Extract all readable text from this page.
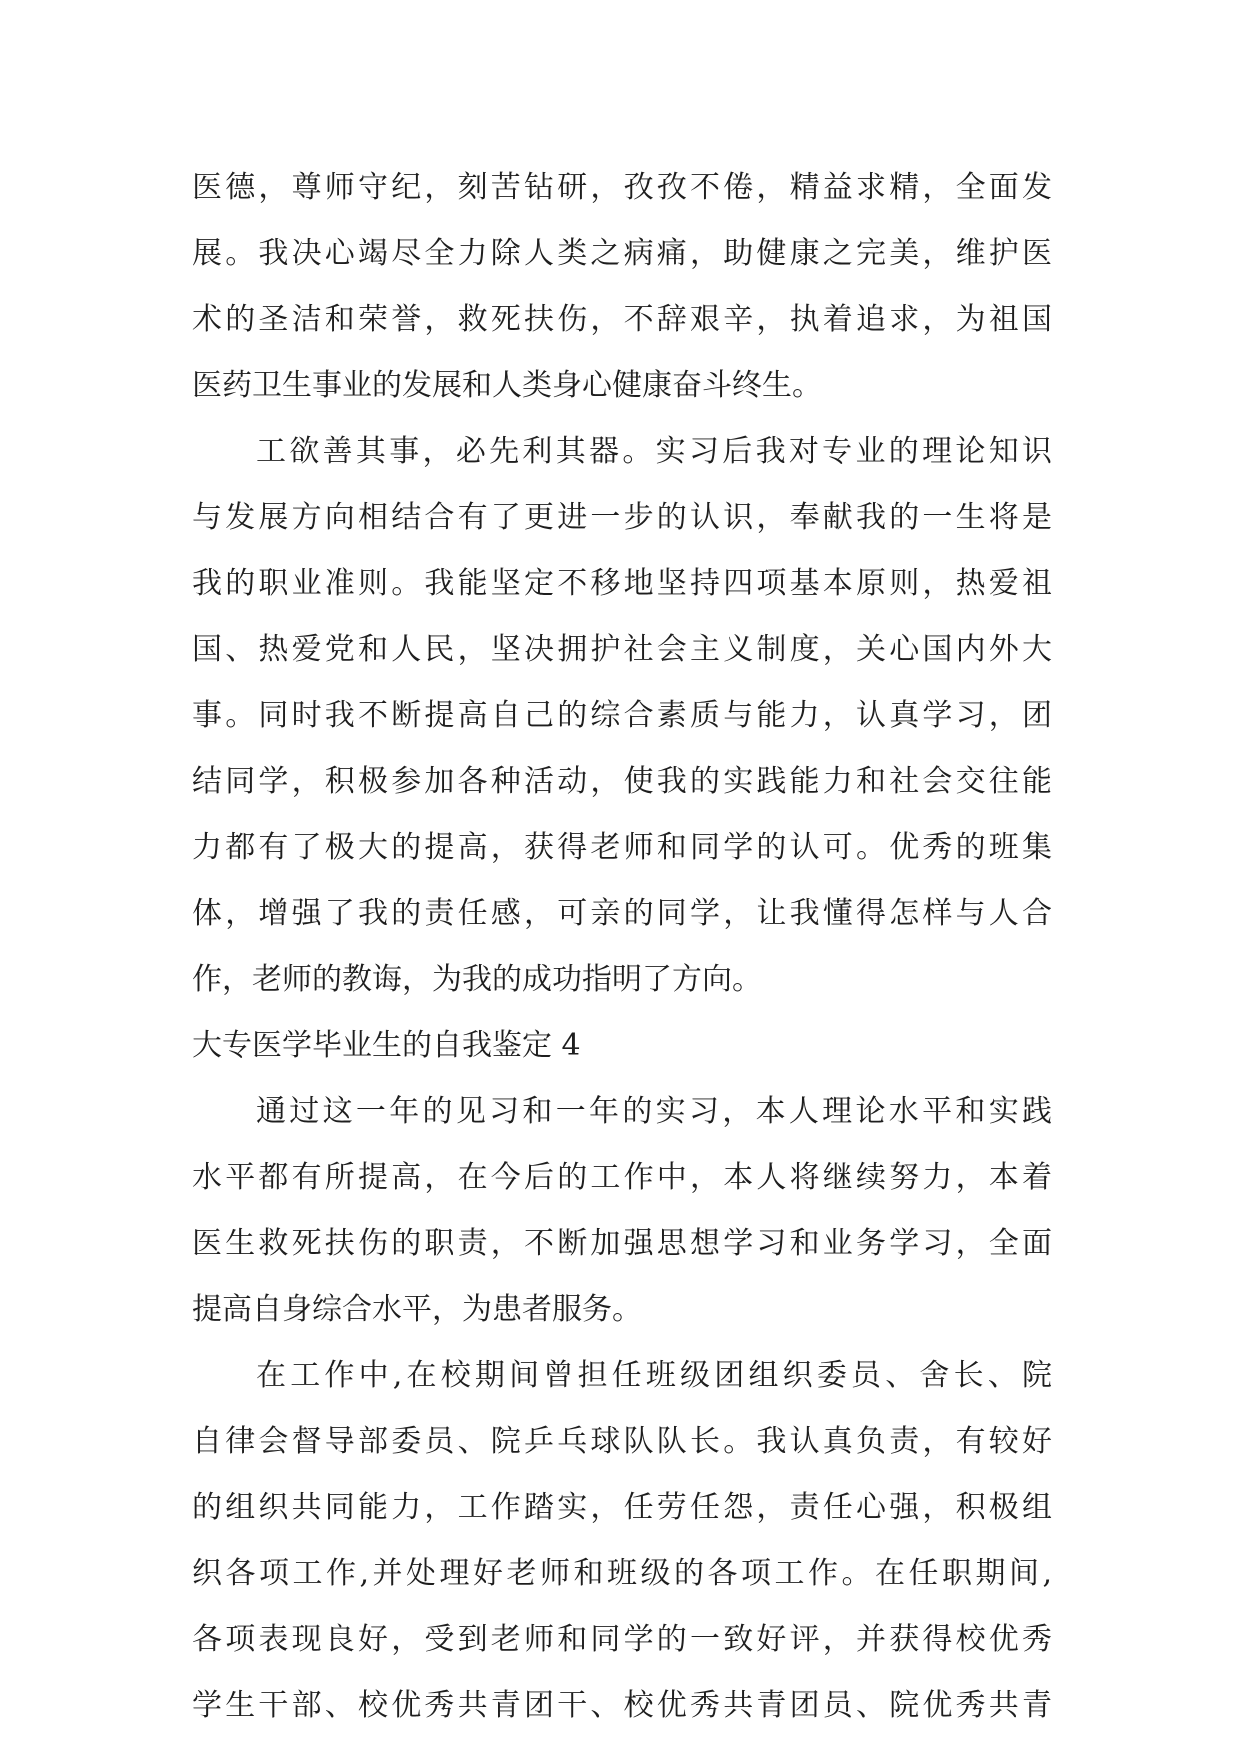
医德，尊师守纪，刻苦钻研，孜孜不倦，精益求精，全面发
展。我决心竭尽全力除人类之病痛，助健康之完美，维护医
术的圣洁和荣誉，救死扶伤，不辞艰辛，执着追求，为祖国
医药卫生事业的发展和人类身心健康奋斗终生。
工欲善其事，必先利其器。实习后我对专业的理论知识
与发展方向相结合有了更进一步的认识，奉献我的一生将是
我的职业准则。我能坚定不移地坚持四项基本原则，热爱祖
国、热爱党和人民，坚决拥护社会主义制度，关心国内外大
事。同时我不断提高自己的综合素质与能力，认真学习，团
结同学，积极参加各种活动，使我的实践能力和社会交往能
力都有了极大的提高，获得老师和同学的认可。优秀的班集
体，增强了我的责任感，可亲的同学，让我懂得怎样与人合
作，老师的教诲，为我的成功指明了方向。
大专医学毕业生的自我鉴定 4
通过这一年的见习和一年的实习，本人理论水平和实践
水平都有所提高，在今后的工作中，本人将继续努力，本着
医生救死扶伤的职责，不断加强思想学习和业务学习，全面
提高自身综合水平，为患者服务。
在工作中,在校期间曾担任班级团组织委员、舍长、院
自律会督导部委员、院乒乓球队队长。我认真负责，有较好
的组织共同能力，工作踏实，任劳任怨，责任心强，积极组
织各项工作,并处理好老师和班级的各项工作。在任职期间,
各项表现良好，受到老师和同学的一致好评，并获得校优秀
学生干部、校优秀共青团干、校优秀共青团员、院优秀共青
